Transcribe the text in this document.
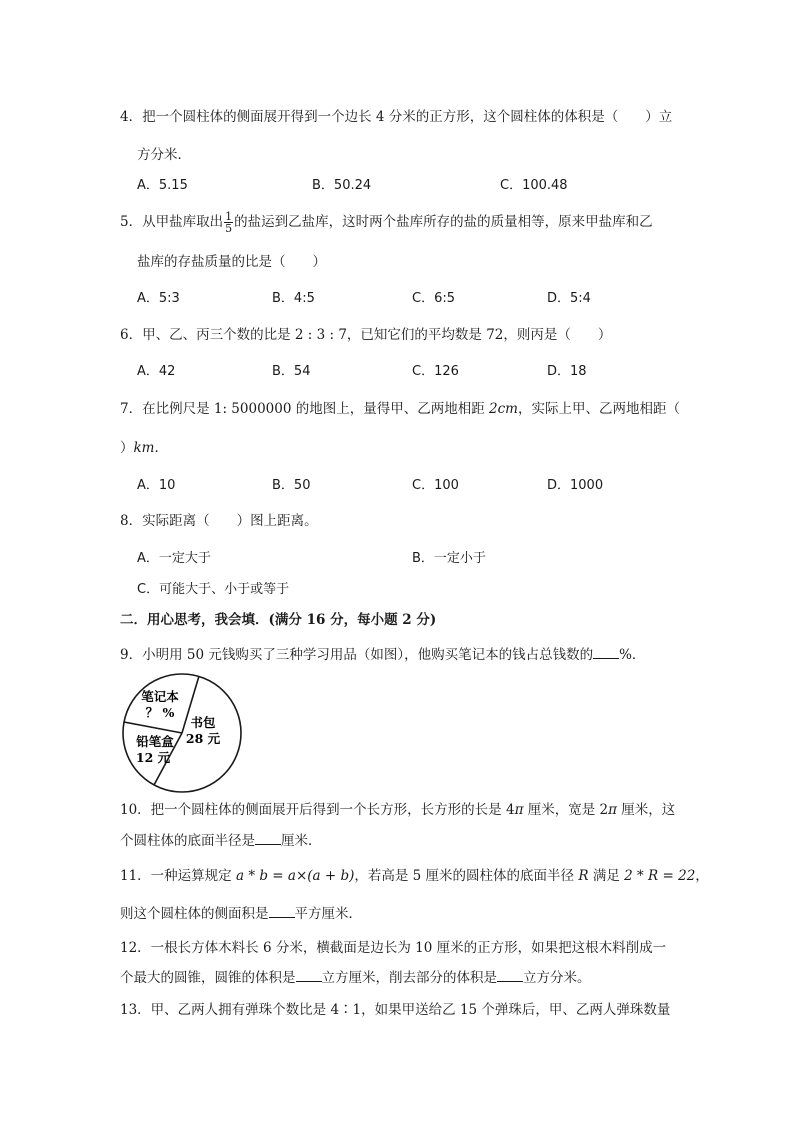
4．把一个圆柱体的侧面展开得到一个边长 4 分米的正方形，这个圆柱体的体积是（　　）立
方分米．
A．5.15	B．50.24	C．100.48
5．从甲盐库取出 $\frac{1}{5}$ 的盐运到乙盐库，这时两个盐库所存的盐的质量相等，原来甲盐库和乙
盐库的存盐质量的比是（　　）
A．5:3	B．4:5	C．6:5	D．5:4
6．甲、乙、丙三个数的比是 2 : 3 : 7，已知它们的平均数是 72，则丙是（　　）
A．42	B．54	C．126	D．18
7．在比例尺是 1: 5000000 的地图上，量得甲、乙两地相距 2cm，实际上甲、乙两地相距（
）km．
A．10	B．50	C．100	D．1000
8．实际距离（　　）图上距离。
A．一定大于	B．一定小于
C．可能大于、小于或等于
二．用心思考，我会填．(满分 16 分，每小题 2 分)
9．小明用 50 元钱购买了三种学习用品（如图），他购买笔记本的钱占总钱数的 %．
书包
28 元
铅笔盒
12 元
笔记本
？ %
10．把一个圆柱体的侧面展开后得到一个长方形，长方形的长是 4π 厘米，宽是 2π 厘米，这
个圆柱体的底面半径是 厘米．
11．一种运算规定 a * b = a×(a + b)，若高是 5 厘米的圆柱体的底面半径 R 满足 2 * R = 22，
则这个圆柱体的侧面积是 平方厘米．
12．一根长方体木料长 6 分米，横截面是边长为 10 厘米的正方形，如果把这根木料削成一
个最大的圆锥，圆锥的体积是 立方厘米，削去部分的体积是 立方分米。
13．甲、乙两人拥有弹珠个数比是 4∶1，如果甲送给乙 15 个弹珠后，甲、乙两人弹珠数量
